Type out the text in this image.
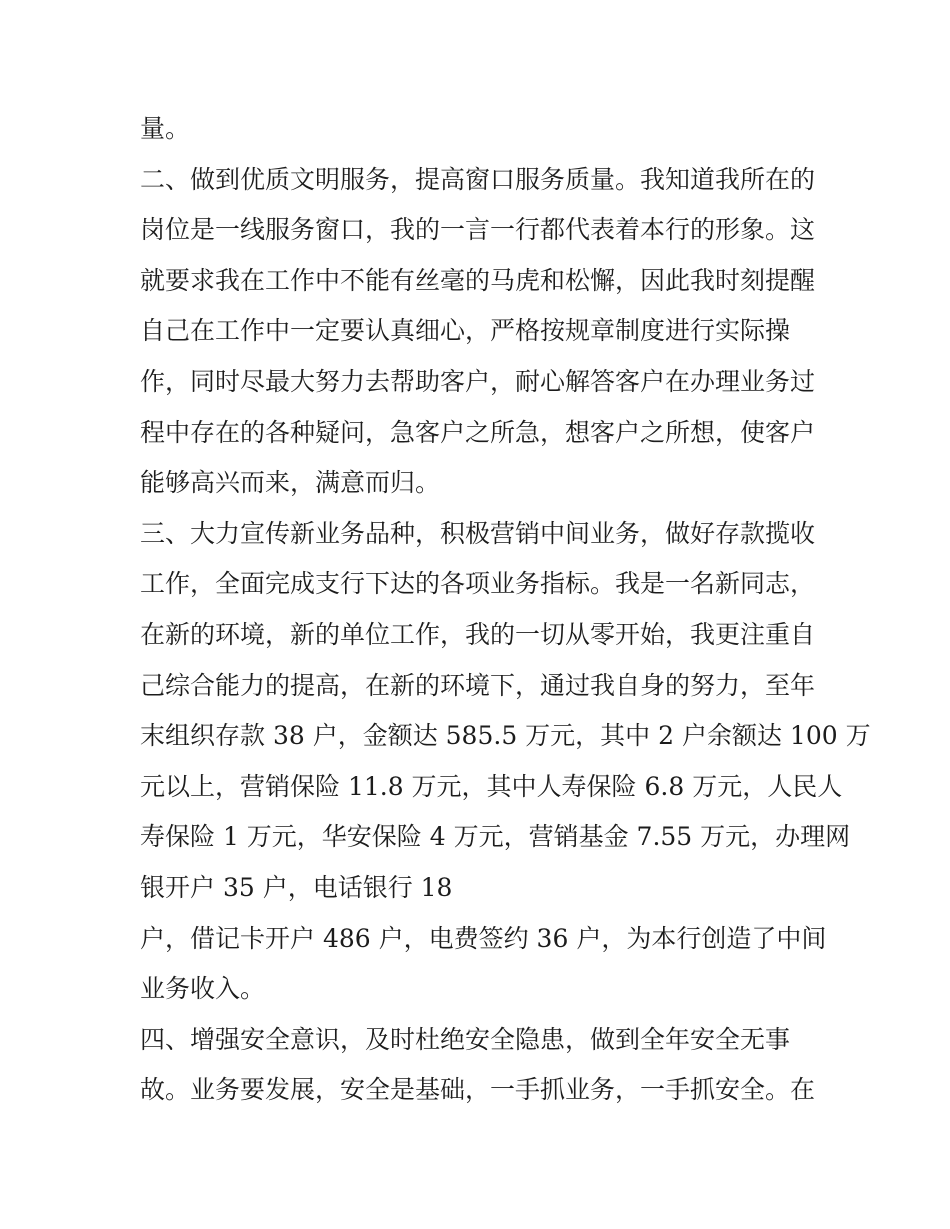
量。
二、做到优质文明服务，提高窗口服务质量。我知道我所在的
岗位是一线服务窗口，我的一言一行都代表着本行的形象。这
就要求我在工作中不能有丝毫的马虎和松懈，因此我时刻提醒
自己在工作中一定要认真细心，严格按规章制度进行实际操
作，同时尽最大努力去帮助客户，耐心解答客户在办理业务过
程中存在的各种疑问，急客户之所急，想客户之所想，使客户
能够高兴而来，满意而归。
三、大力宣传新业务品种，积极营销中间业务，做好存款揽收
工作，全面完成支行下达的各项业务指标。我是一名新同志，
在新的环境，新的单位工作，我的一切从零开始，我更注重自
己综合能力的提高，在新的环境下，通过我自身的努力，至年
末组织存款 38 户，金额达 585.5 万元，其中 2 户余额达 100 万
元以上，营销保险 11.8 万元，其中人寿保险 6.8 万元，人民人
寿保险 1 万元，华安保险 4 万元，营销基金 7.55 万元，办理网
银开户 35 户，电话银行 18
户，借记卡开户 486 户，电费签约 36 户，为本行创造了中间
业务收入。
四、增强安全意识，及时杜绝安全隐患，做到全年安全无事
故。业务要发展，安全是基础，一手抓业务，一手抓安全。在
